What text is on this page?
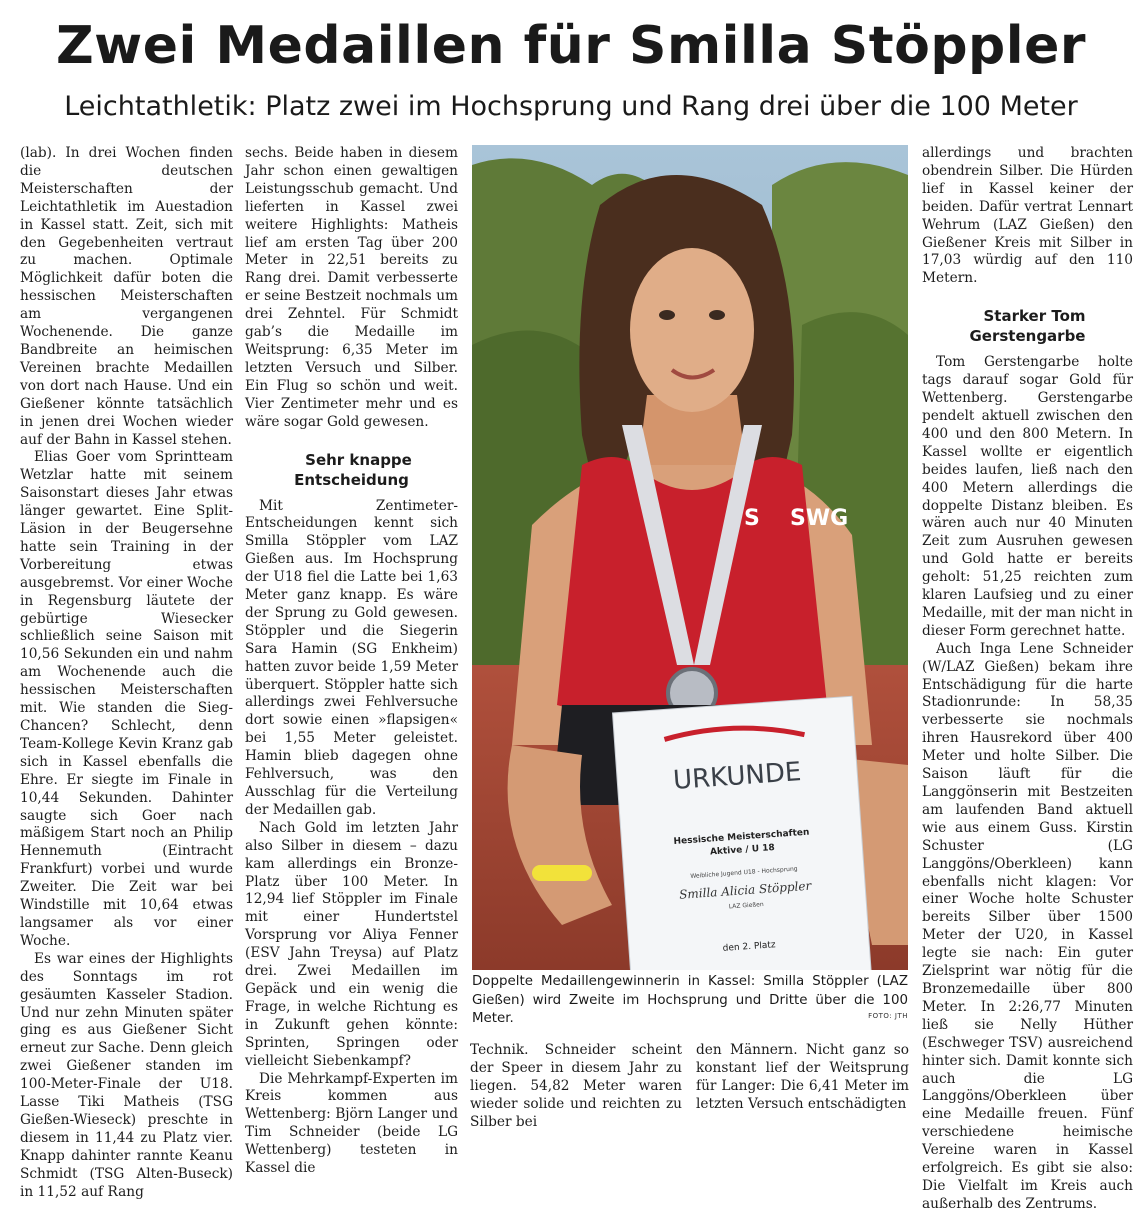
Zwei Medaillen für Smilla Stöppler
Leichtathletik: Platz zwei im Hochsprung und Rang drei über die 100 Meter

(lab). In drei Wochen finden die deutschen Meisterschaften der Leichtathletik im Auestadion in Kassel statt. Zeit, sich mit den Gegebenheiten vertraut zu machen. Optimale Möglichkeit dafür boten die hessischen Meisterschaften am vergangenen Wochenende. Die ganze Bandbreite an heimischen Vereinen brachte Medaillen von dort nach Hause. Und ein Gießener könnte tatsächlich in jenen drei Wochen wieder auf der Bahn in Kassel stehen.

Elias Goer vom Sprintteam Wetzlar hatte mit seinem Saisonstart dieses Jahr etwas länger gewartet. Eine Split-Läsion in der Beugersehne hatte sein Training in der Vorbereitung etwas ausgebremst. Vor einer Woche in Regensburg läutete der gebürtige Wiesecker schließlich seine Saison mit 10,56 Sekunden ein und nahm am Wochenende auch die hessischen Meisterschaften mit. Wie standen die Sieg-Chancen? Schlecht, denn Team-Kollege Kevin Kranz gab sich in Kassel ebenfalls die Ehre. Er siegte im Finale in 10,44 Sekunden. Dahinter saugte sich Goer nach mäßigem Start noch an Philip Hennemuth (Eintracht Frankfurt) vorbei und wurde Zweiter. Die Zeit war bei Windstille mit 10,64 etwas langsamer als vor einer Woche.

Es war eines der Highlights des Sonntags im rot gesäumten Kasseler Stadion. Und nur zehn Minuten später ging es aus Gießener Sicht erneut zur Sache. Denn gleich zwei Gießener standen im 100-Meter-Finale der U18. Lasse Tiki Matheis (TSG Gießen-Wieseck) preschte in diesem in 11,44 zu Platz vier. Knapp dahinter rannte Keanu Schmidt (TSG Alten-Buseck) in 11,52 auf Rang

sechs. Beide haben in diesem Jahr schon einen gewaltigen Leistungsschub gemacht. Und lieferten in Kassel zwei weitere Highlights: Matheis lief am ersten Tag über 200 Meter in 22,51 bereits zu Rang drei. Damit verbesserte er seine Bestzeit nochmals um drei Zehntel. Für Schmidt gab’s die Medaille im Weitsprung: 6,35 Meter im letzten Versuch und Silber. Ein Flug so schön und weit. Vier Zentimeter mehr und es wäre sogar Gold gewesen.

Sehr knappe Entscheidung

Mit Zentimeter-Entscheidungen kennt sich Smilla Stöppler vom LAZ Gießen aus. Im Hochsprung der U18 fiel die Latte bei 1,63 Meter ganz knapp. Es wäre der Sprung zu Gold gewesen. Stöppler und die Siegerin Sara Hamin (SG Enkheim) hatten zuvor beide 1,59 Meter überquert. Stöppler hatte sich allerdings zwei Fehlversuche dort sowie einen »flapsigen« bei 1,55 Meter geleistet. Hamin blieb dagegen ohne Fehlversuch, was den Ausschlag für die Verteilung der Medaillen gab.

Nach Gold im letzten Jahr also Silber in diesem – dazu kam allerdings ein Bronze-Platz über 100 Meter. In 12,94 lief Stöppler im Finale mit einer Hundertstel Vorsprung vor Aliya Fenner (ESV Jahn Treysa) auf Platz drei. Zwei Medaillen im Gepäck und ein wenig die Frage, in welche Richtung es in Zukunft gehen könnte: Sprinten, Springen oder vielleicht Siebenkampf?

Die Mehrkampf-Experten im Kreis kommen aus Wettenberg: Björn Langer und Tim Schneider (beide LG Wettenberg) testeten in Kassel die

SWG
S
URKUNDE
Hessische Meisterschaften
Aktive / U 18
Weibliche Jugend U18 - Hochsprung
Smilla Alicia Stöppler
LAZ Gießen
den 2. Platz

Doppelte Medaillengewinnerin in Kassel: Smilla Stöppler (LAZ Gießen) wird Zweite im Hochsprung und Dritte über die 100 Meter.	FOTO: JTH

Technik. Schneider scheint der Speer in diesem Jahr zu liegen. 54,82 Meter waren wieder solide und reichten zu Silber bei

den Männern. Nicht ganz so konstant lief der Weitsprung für Langer: Die 6,41 Meter im letzten Versuch entschädigten

allerdings und brachten obendrein Silber. Die Hürden lief in Kassel keiner der beiden. Dafür vertrat Lennart Wehrum (LAZ Gießen) den Gießener Kreis mit Silber in 17,03 würdig auf den 110 Metern.

Starker Tom Gerstengarbe

Tom Gerstengarbe holte tags darauf sogar Gold für Wettenberg. Gerstengarbe pendelt aktuell zwischen den 400 und den 800 Metern. In Kassel wollte er eigentlich beides laufen, ließ nach den 400 Metern allerdings die doppelte Distanz bleiben. Es wären auch nur 40 Minuten Zeit zum Ausruhen gewesen und Gold hatte er bereits geholt: 51,25 reichten zum klaren Laufsieg und zu einer Medaille, mit der man nicht in dieser Form gerechnet hatte.

Auch Inga Lene Schneider (W/LAZ Gießen) bekam ihre Entschädigung für die harte Stadionrunde: In 58,35 verbesserte sie nochmals ihren Hausrekord über 400 Meter und holte Silber. Die Saison läuft für die Langgönserin mit Bestzeiten am laufenden Band aktuell wie aus einem Guss. Kirstin Schuster (LG Langgöns/Oberkleen) kann ebenfalls nicht klagen: Vor einer Woche holte Schuster bereits Silber über 1500 Meter der U20, in Kassel legte sie nach: Ein guter Zielsprint war nötig für die Bronzemedaille über 800 Meter. In 2:26,77 Minuten ließ sie Nelly Hüther (Eschweger TSV) ausreichend hinter sich. Damit konnte sich auch die LG Langgöns/Oberkleen über eine Medaille freuen. Fünf verschiedene heimische Vereine waren in Kassel erfolgreich. Es gibt sie also: Die Vielfalt im Kreis auch außerhalb des Zentrums.
